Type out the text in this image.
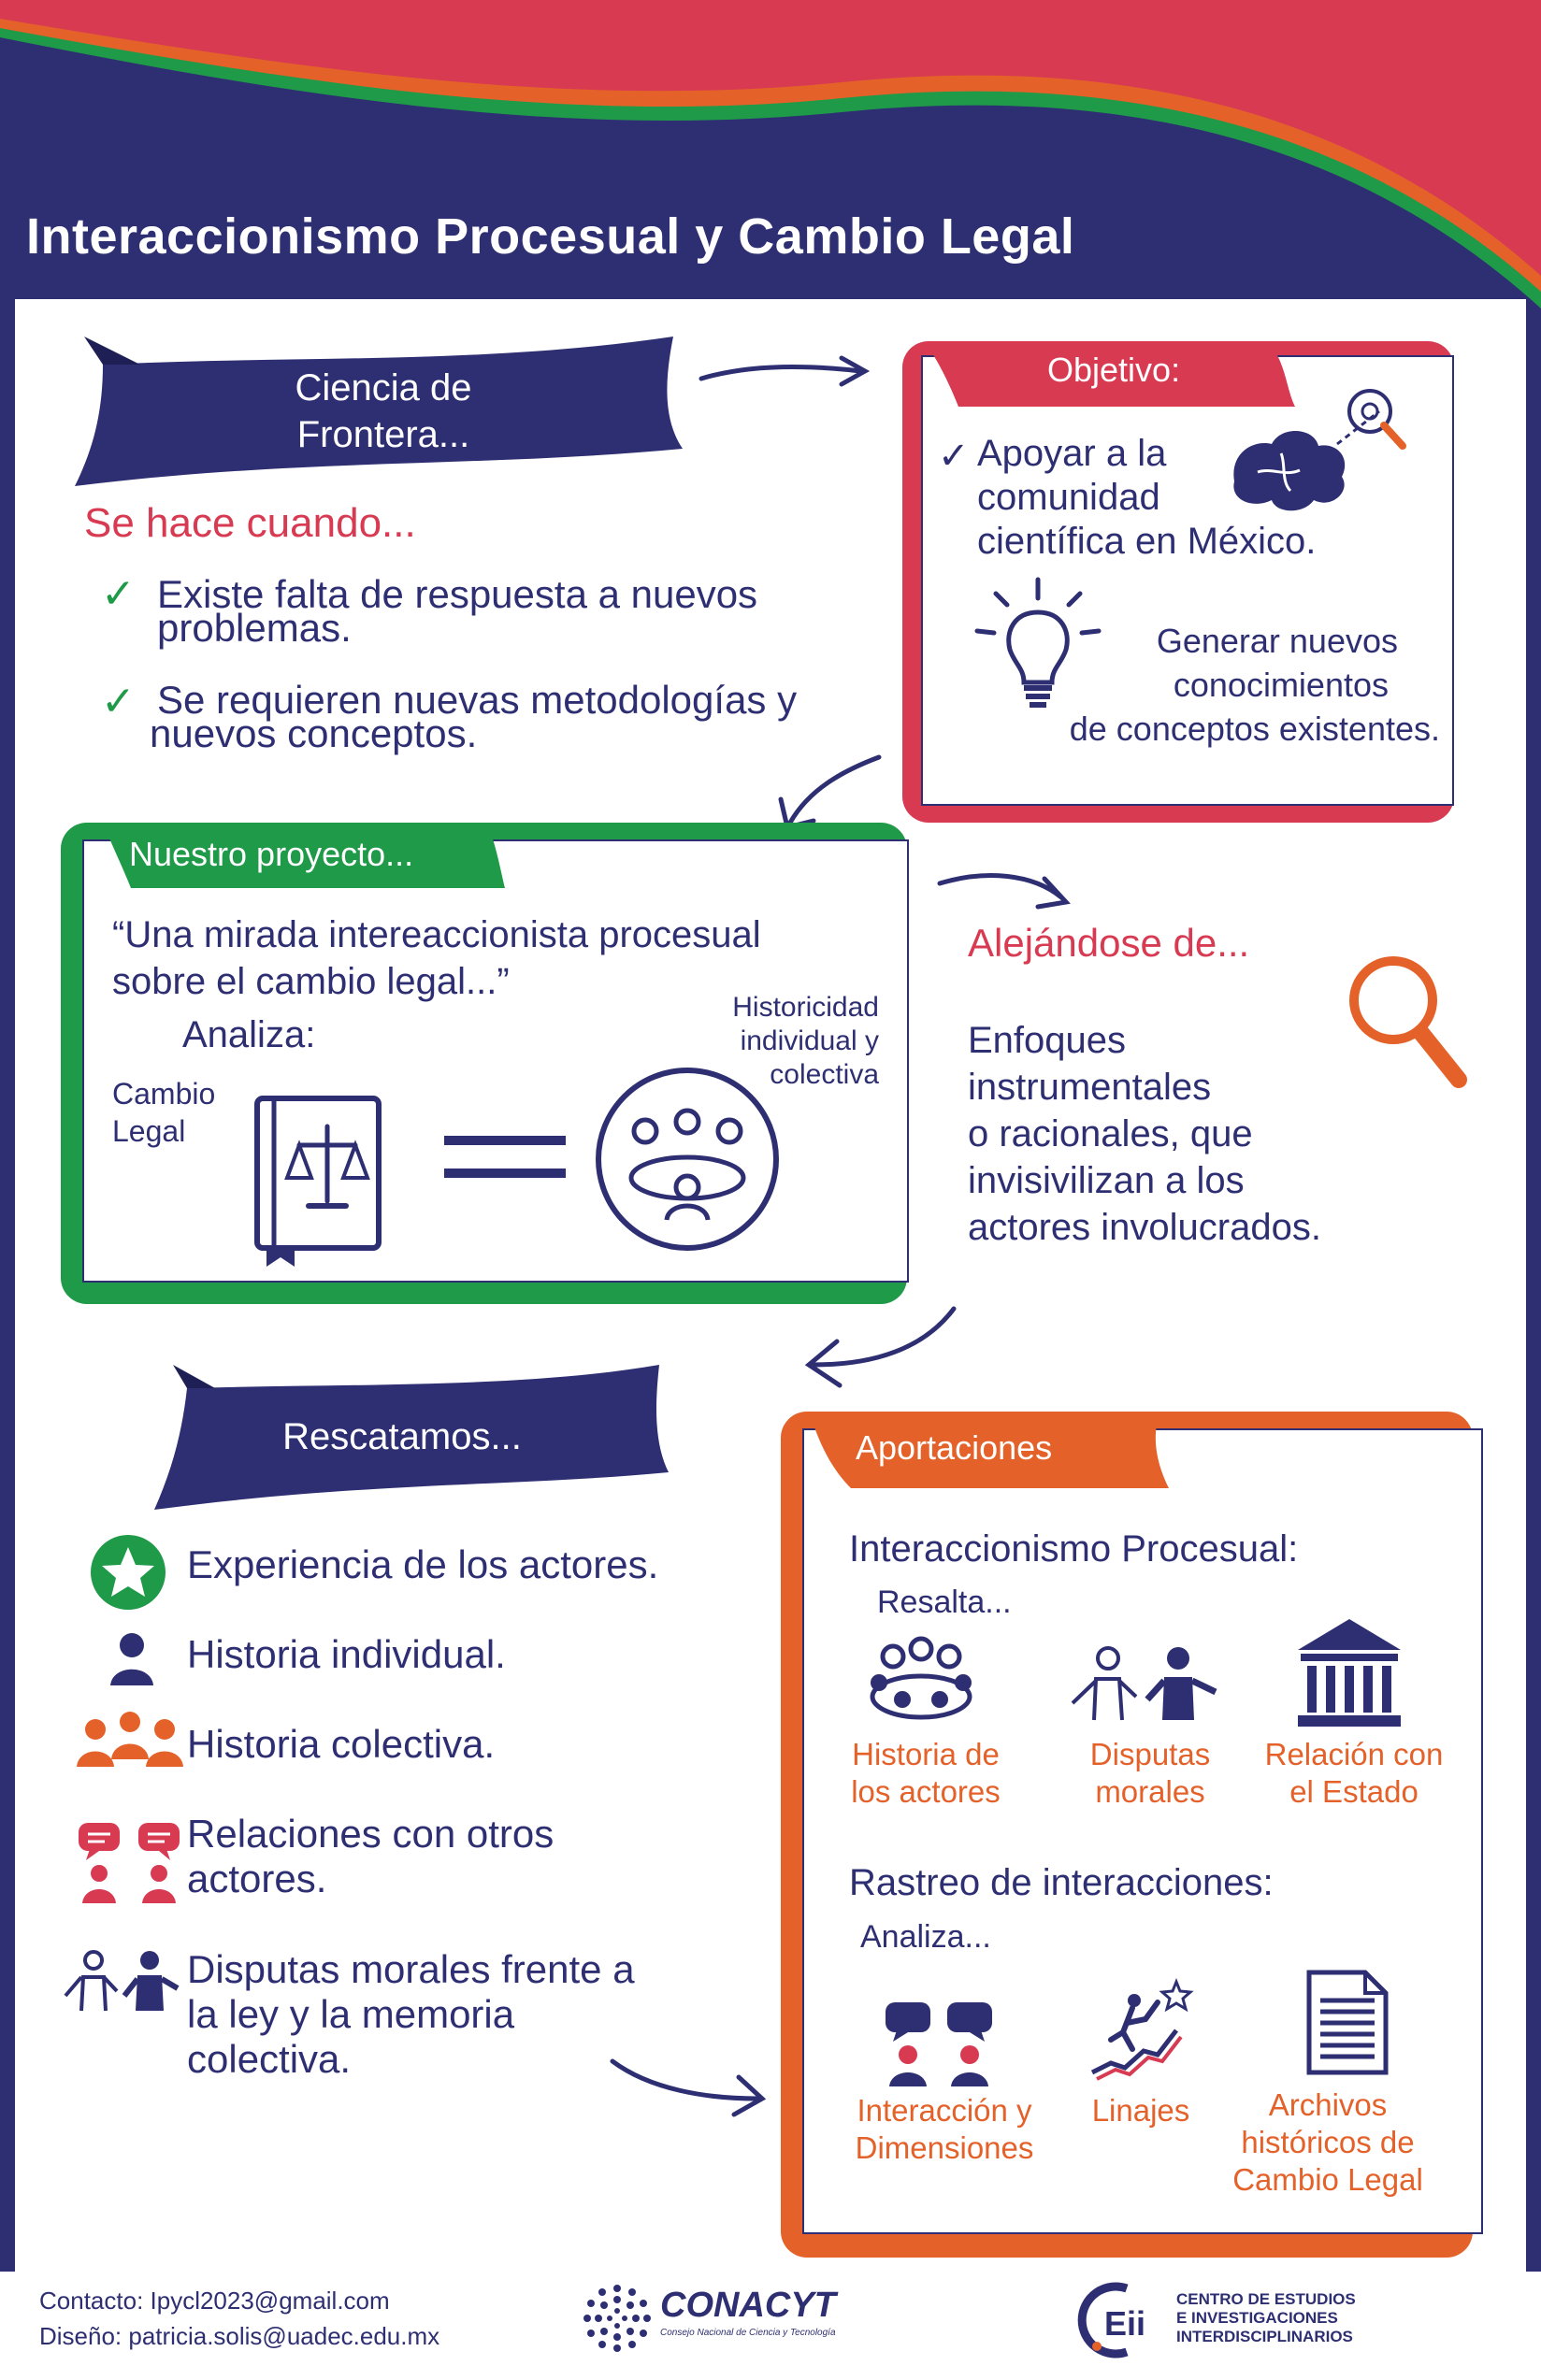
Interaccionismo Procesual y Cambio Legal
Ciencia de
Frontera...
Se hace cuando...
✓ Existe falta de respuesta a nuevos
problemas.
✓ Se requieren nuevas metodologías y
nuevos conceptos.
Objetivo:
✓ Apoyar a la
comunidad
científica en México.
Generar nuevos
conocimientos
de conceptos existentes.
Nuestro proyecto...
“Una mirada intereaccionista procesual
sobre el cambio legal...”
Analiza:
Cambio
Legal
Historicidad
individual y
colectiva
Alejándose de...
Enfoques
instrumentales
o racionales, que
invisivilizan a los
actores involucrados.
Rescatamos...
Experiencia de los actores.
Historia individual.
Historia colectiva.
Relaciones con otros
actores.
Disputas morales frente a
la ley y la memoria
colectiva.
Aportaciones
Interaccionismo Procesual:
Resalta...
Historia de
los actores
Disputas
morales
Relación con
el Estado
Rastreo de interacciones:
Analiza...
Interacción y
Dimensiones
Linajes	Archivos
históricos de
Cambio Legal
Contacto: Ipycl2023@gmail.com
Diseño: patricia.solis@uadec.edu.mx
CONACYT
Consejo Nacional de Ciencia y Tecnología	Eii
CENTRO DE ESTUDIOS
E INVESTIGACIONES
INTERDISCIPLINARIOS
